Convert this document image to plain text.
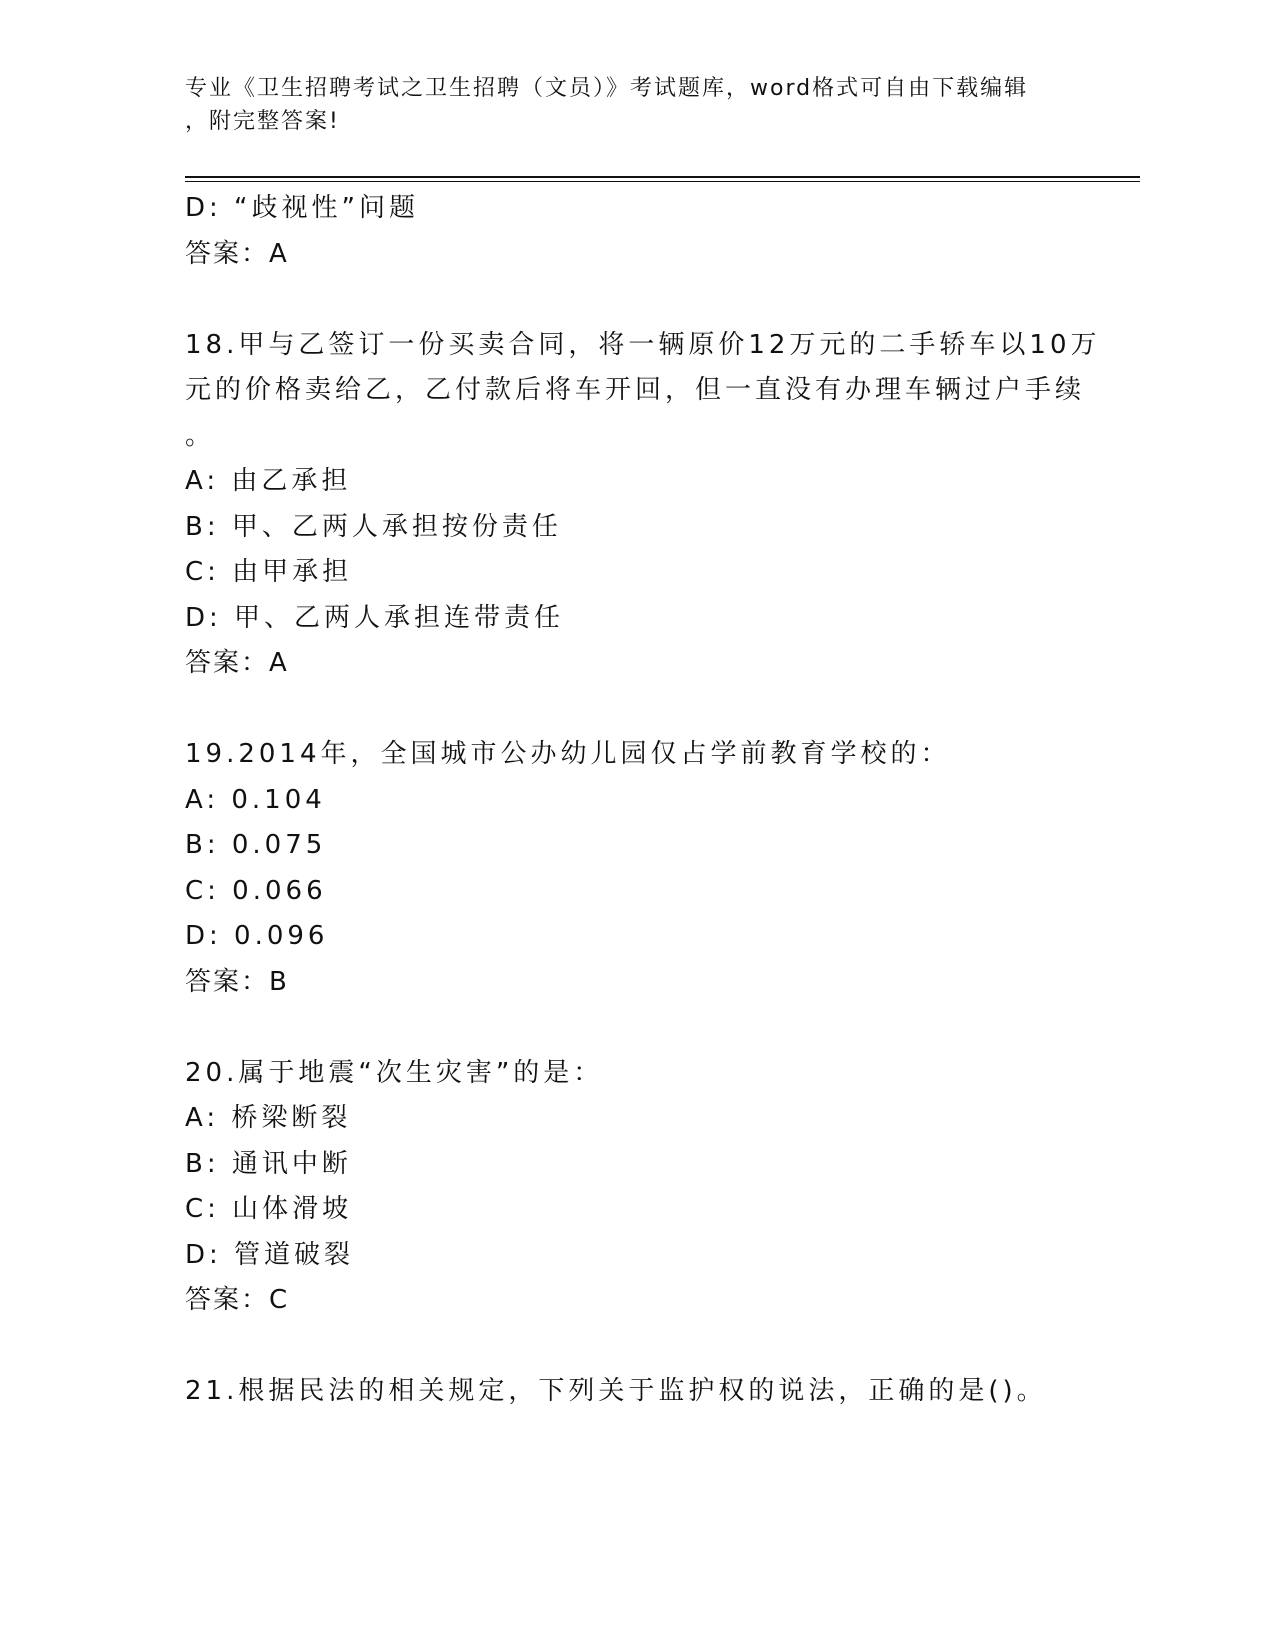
专业《卫生招聘考试之卫生招聘（文员）》考试题库，word格式可自由下载编辑
，附完整答案!
D: “歧视性”问题
答案：A
18.甲与乙签订一份买卖合同，将一辆原价12万元的二手轿车以10万
元的价格卖给乙，乙付款后将车开回，但一直没有办理车辆过户手续
。
A: 由乙承担
B: 甲、乙两人承担按份责任
C: 由甲承担
D: 甲、乙两人承担连带责任
答案：A
19.2014年，全国城市公办幼儿园仅占学前教育学校的：
A: 0.104
B: 0.075
C: 0.066
D: 0.096
答案：B
20.属于地震“次生灾害”的是：
A: 桥梁断裂
B: 通讯中断
C: 山体滑坡
D: 管道破裂
答案：C
21.根据民法的相关规定，下列关于监护权的说法，正确的是()。
